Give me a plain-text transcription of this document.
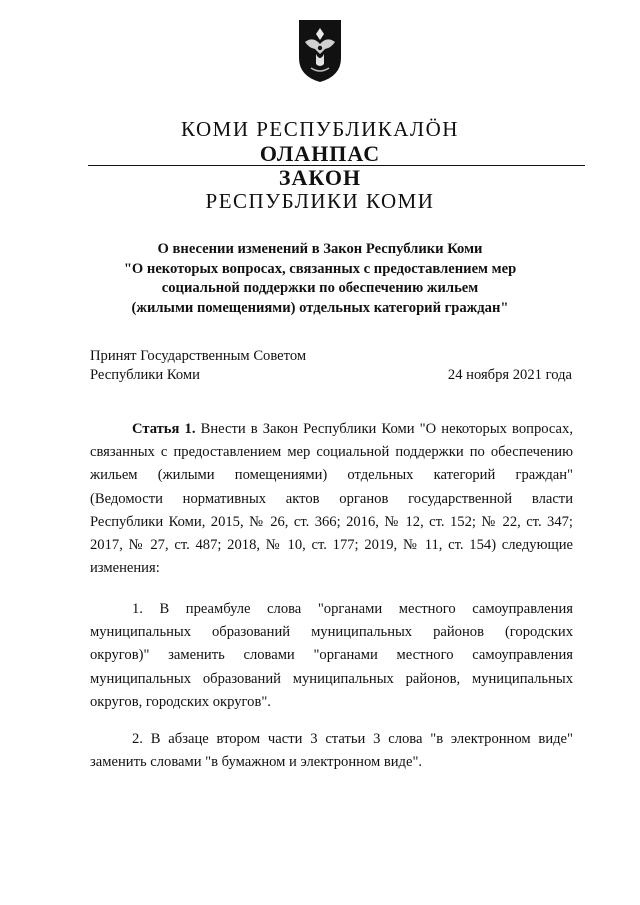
КОМИ РЕСПУБЛИКАЛÖН
ОЛАНПАС
ЗАКОН
РЕСПУБЛИКИ КОМИ
О внесении изменений в Закон Республики Коми
"О некоторых вопросах, связанных с предоставлением мер
социальной поддержки по обеспечению жильем
(жилыми помещениями) отдельных категорий граждан"
Принят Государственным Советом
Республики Коми	24 ноября 2021 года
Статья 1. Внести в Закон Республики Коми "О некоторых вопросах,
связанных с предоставлением мер социальной поддержки по обеспечению
жильем (жилыми помещениями) отдельных категорий граждан"
(Ведомости нормативных актов органов государственной власти
Республики Коми, 2015, № 26, ст. 366; 2016, № 12, ст. 152; № 22, ст. 347;
2017, № 27, ст. 487; 2018, № 10, ст. 177; 2019, № 11, ст. 154) следующие
изменения:
1. В преамбуле слова "органами местного самоуправления
муниципальных образований муниципальных районов (городских
округов)" заменить словами "органами местного самоуправления
муниципальных образований муниципальных районов, муниципальных
округов, городских округов".
2. В абзаце втором части 3 статьи 3 слова "в электронном виде"
заменить словами "в бумажном и электронном виде".
